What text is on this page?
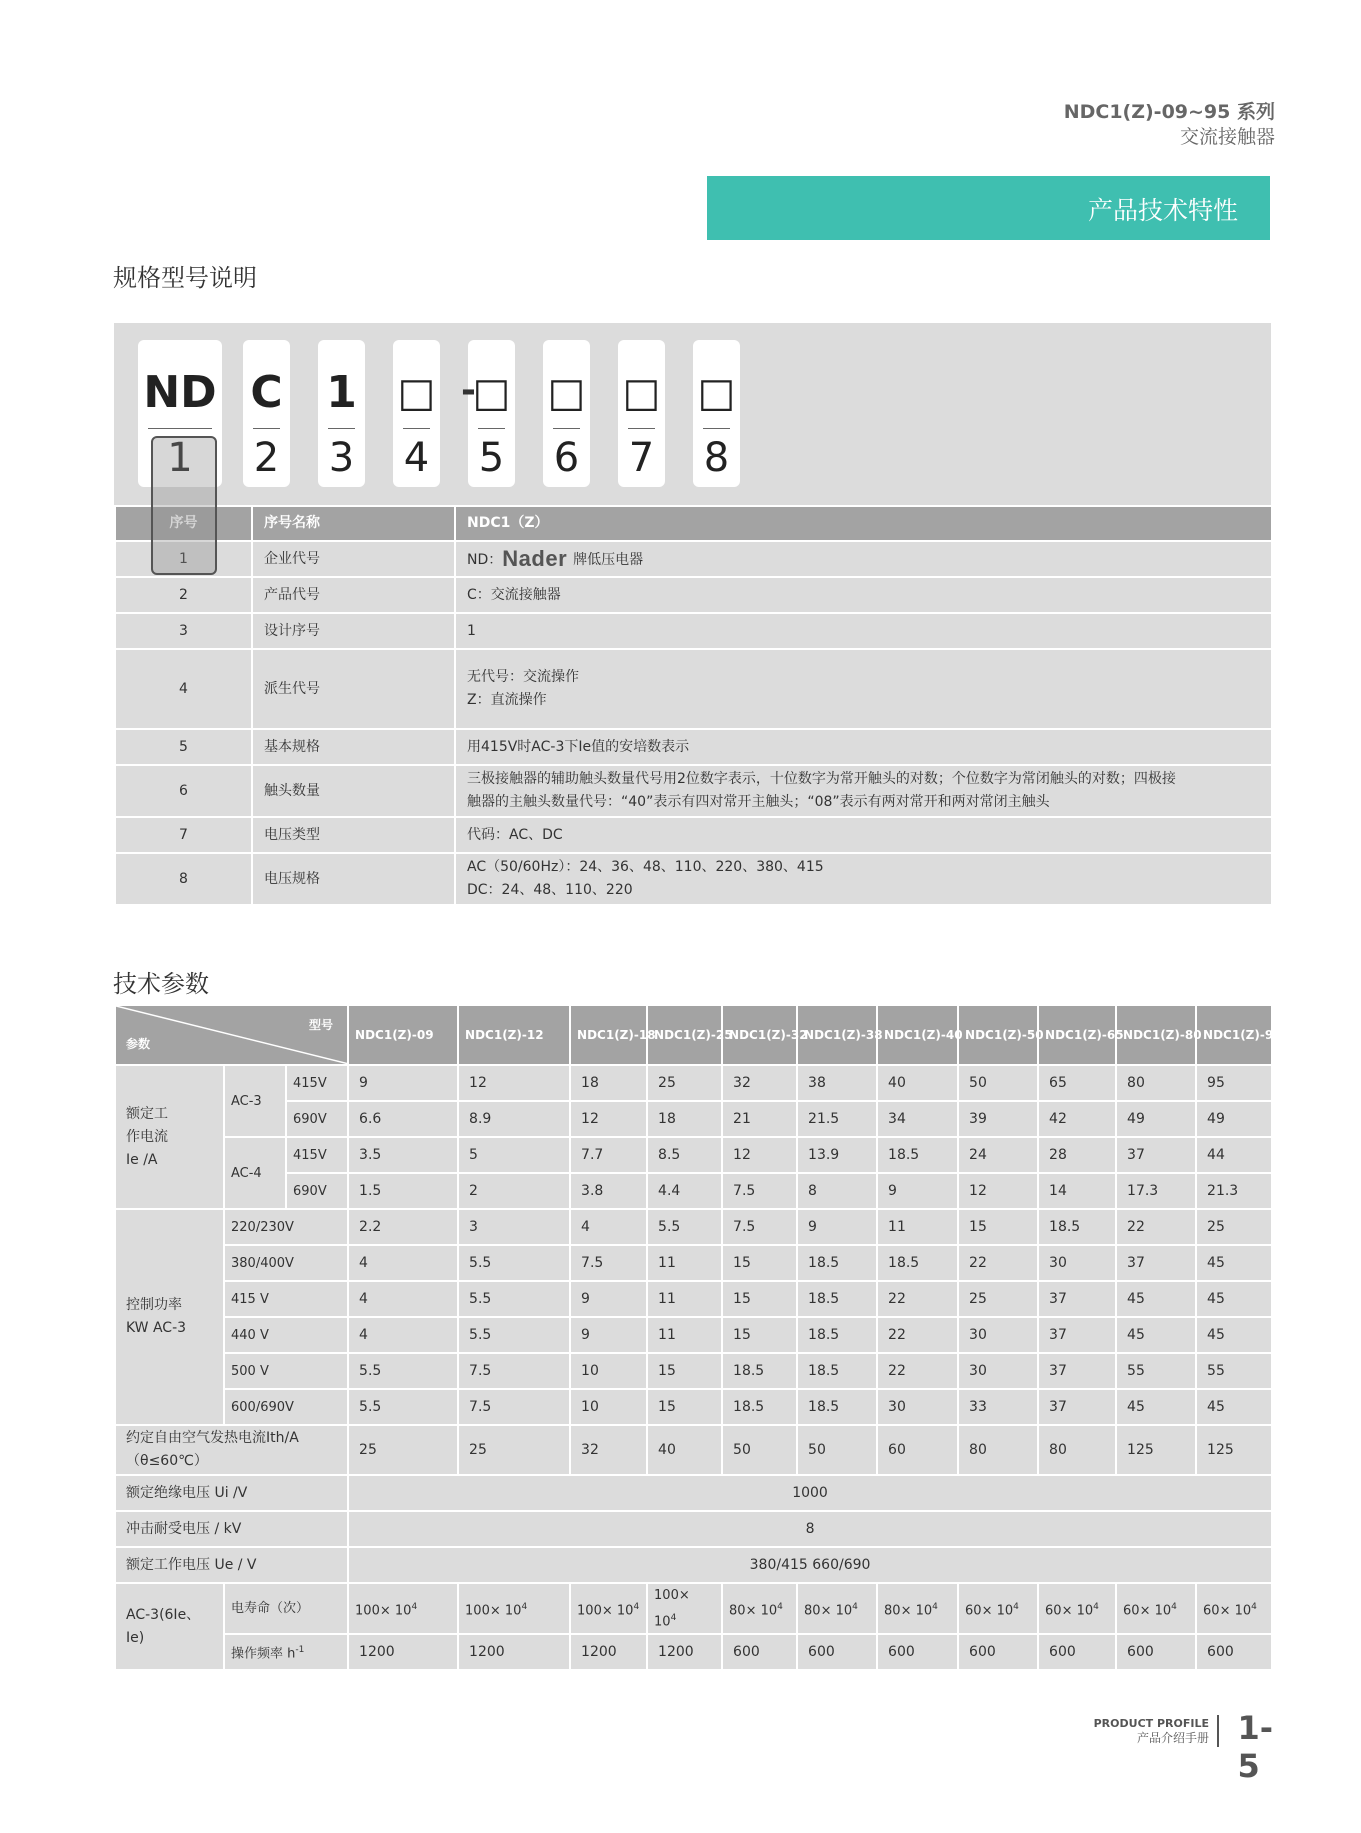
NDC1(Z)-09~95 系列
交流接触器
产品技术特性
规格型号说明
ND
1
C
2
1
3
□
4
□
5
□
6
□
7
□
8
-
序号	序号名称	NDC1（Z）
1	企业代号	ND：Nader 牌低压电器
2	产品代号	C：交流接触器

3	设计序号	1

4	派生代号	无代号：交流操作
Z：直流操作

5	基本规格	用415V时AC-3下Ie值的安培数表示

6	触头数量	三极接触器的辅助触头数量代号用2位数字表示，十位数字为常开触头的对数；个位数字为常闭触头的对数；四极接
触器的主触头数量代号：“40”表示有四对常开主触头；“08”表示有两对常开和两对常闭主触头

7	电压类型	代码：AC、DC

8	电压规格	AC（50/60Hz）：24、36、48、110、220、380、415
DC：24、48、110、220
技术参数
型号
参数			NDC1(Z)-09	NDC1(Z)-12	NDC1(Z)-18	NDC1(Z)-25	NDC1(Z)-32	NDC1(Z)-38	NDC1(Z)-40	NDC1(Z)-50	NDC1(Z)-65	NDC1(Z)-80	NDC1(Z)-95

额定工
作电流
Ie /A	AC-3	415V	9	12	18	25	32	38	40	50	65	80	95
		690V	6.6	8.9	12	18	21	21.5	34	39	42	49	49
	AC-4	415V	3.5	5	7.7	8.5	12	13.9	18.5	24	28	37	44
		690V	1.5	2	3.8	4.4	7.5	8	9	12	14	17.3	21.3

控制功率
KW AC-3	220/230V		2.2	3	4	5.5	7.5	9	11	15	18.5	22	25
	380/400V		4	5.5	7.5	11	15	18.5	18.5	22	30	37	45
	415 V		4	5.5	9	11	15	18.5	22	25	37	45	45
	440 V		4	5.5	9	11	15	18.5	22	30	37	45	45
	500 V		5.5	7.5	10	15	18.5	18.5	22	30	37	55	55
	600/690V		5.5	7.5	10	15	18.5	18.5	30	33	37	45	45

约定自由空气发热电流Ith/A
（θ≤60℃）			25	25	32	40	50	50	60	80	80	125	125
额定绝缘电压 Ui /V			1000										
冲击耐受电压 / kV			8										
额定工作电压 Ue / V			380/415 660/690										
AC-3(6Ie、Ie)	电寿命（次）		$100\times 10^4$	$100\times 10^4$	$100\times 10^4$	$100\times 10^4$	$80\times 10^4$	$80\times 10^4$	$80\times 10^4$	$60\times 10^4$	$60\times 10^4$	$60\times 10^4$	$60\times 10^4$
	操作频率 $h^{-1}$		1200	1200	1200	1200	600	600	600	600	600	600	600
PRODUCT PROFILE
产品介绍手册 1-5
